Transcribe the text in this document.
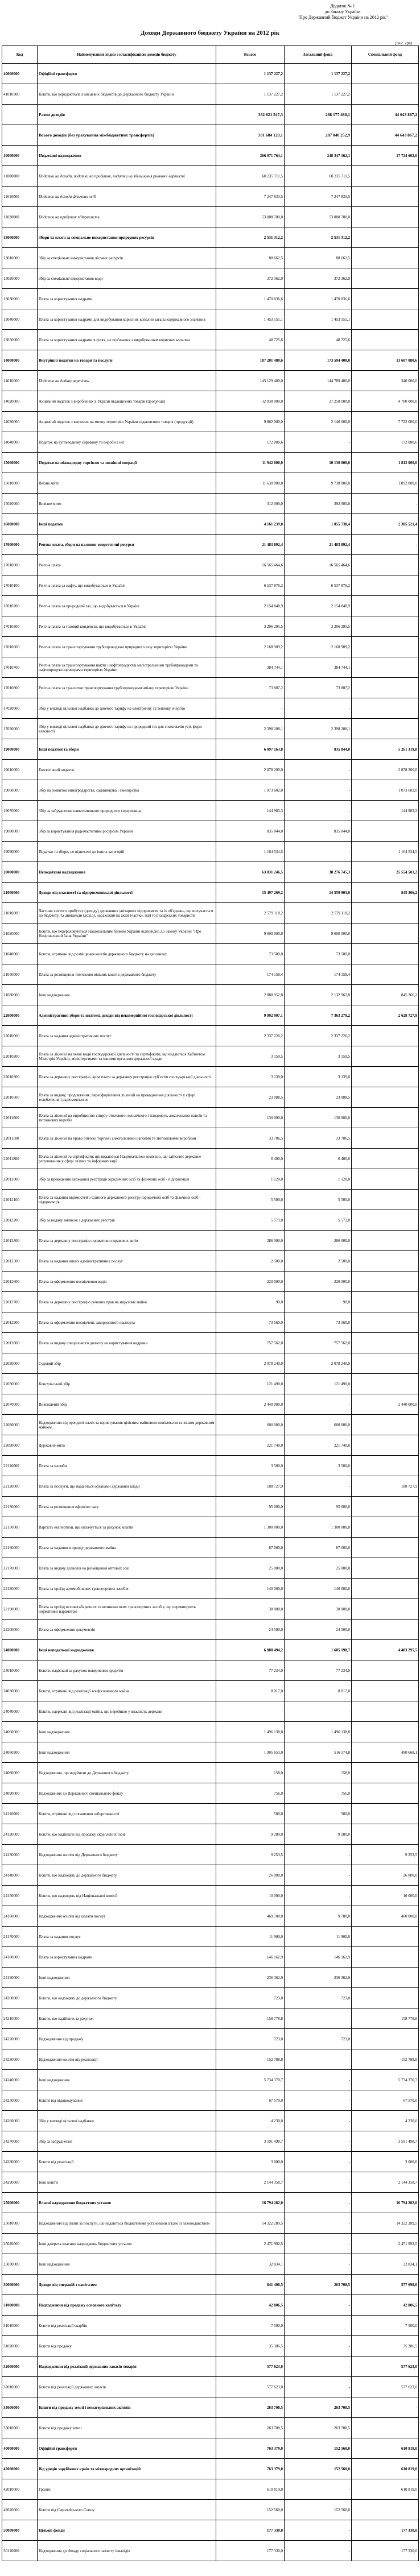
Додаток № 1
до Закону України
"Про Державний бюджет України на 2012 рік"
Доходи Державного бюджету України на 2012 рік
(тис. грн)
Код	Найменування згідно з класифікацією доходів бюджету	Всього	Загальний фонд	Спеціальний фонд
40000000	Офіційні трансферти	1 137 227,2	1 137 227,2	
41010300	Кошти, що передаються із місцевих бюджетів до Державного бюджету України	1 137 227,2	1 137 227,2	
	Разом доходів	332 821 547,3	288 177 480,1	44 643 867,2
	Всього доходів (без урахування міжбюджетних трансфертів)	331 684 120,1	287 040 252,9	44 643 867,2
10000000	Податкові надходження	266 071 764,1	248 347 162,1	17 724 602,0
11000000	Податки на доходи, податки на прибуток, податки на збільшення ринкової вартості	60 235 711,5	60 235 711,5	
11010000	Податок на доходи фізичних осіб	7 247 833,5	7 247 833,5	
11020000	Податок на прибуток підприємств	53 008 700,0	53 008 700,0	
13000000	Збори та плата за спеціальне використання природних ресурсів	2 531 312,2	2 531 312,2	
13010000	Збір за спеціальне використання лісових ресурсів	88 662,5	88 662,5	
13020000	Збір за спеціальне використання води	372 362,9	372 362,9	
13030000	Плата за користування надрами	1 470 836,6	1 470 836,6	
13040000	Плата за користування надрами для видобування корисних копалин загальнодержавного значення	1 453 151,1	1 453 151,1	
13050000	Плата за користування надрами в цілях, не пов'язаних з видобуванням корисних копалин	48 725,6	48 725,6	
14000000	Внутрішні податки на товари та послуги	187 201 480,6	173 594 400,0	13 607 080,6
14010000	Податок на додану вартість	145 129 400,0	144 789 400,0	340 000,0
14020000	Акцизний податок з вироблених в Україні підакцизних товарів (продукції)	32 038 000,0	27 258 000,0	4 780 000,0
14030000	Акцизний податок з ввезених на митну територію України підакцизних товарів (продукції)	9 862 000,0	2 140 000,0	7 722 000,0
14040000	Податок на вуглеводневу сировину та вироби з неї	172 080,6	-	172 080,6
15000000	Податки на міжнародну торгівлю та зовнішні операції	11 942 000,0	10 130 000,0	1 812 000,0
15010000	Ввізне мито	11 630 000,0	9 738 000,0	1 892 000,0
15020000	Вивізне мито	312 000,0	392 000,0	-
16000000	Інші податки	4 161 239,8	1 855 738,4	2 305 521,4
17000000	Рентна плата, збори на паливно-енергетичні ресурси	21 483 892,4	21 483 892,4	-
17010000	Рентна плата	16 565 464,6	16 565 464,6	
17010100	Рентна плата за нафту, що видобувається в Україні	6 537 876,2	6 537 876,2	
17010200	Рентна плата за природний газ, що видобувається в Україні	2 154 848,9	2 154 848,9	
17010300	Рентна плата за газовий конденсат, що видобувається в Україні	3 206 295,5	3 206 295,5	
17010600	Рентна плата за транспортування трубопроводами природного газу територією України	2 168 909,2	2 168 909,2	
17010700	Рентна плата за транспортування нафти і нафтопродуктів магістральними трубопроводами та нафтопродуктопроводами територією України	384 744,1	384 744,1	
17010800	Рентна плата за транзитне транспортування трубопроводами аміаку територією України	73 807,2	73 807,2	
17020000	Збір у вигляді цільової надбавки до діючого тарифу на електричну та теплову енергію	-	-	
17030000	Збір у вигляді цільової надбавки до діючого тарифу на природний газ для споживачів усіх форм власності	2 398 208,1	2 398 208,1	
19000000	Інші податки та збори	6 097 163,8	835 844,0	5 261 319,8
19010000	Екологічний податок	2 878 200,0	-	2 878 200,0
19060000	Збір на розвиток виноградарства, садівництва і хмелярства	1 073 602,0	-	1 073 602,0
19070000	Збір за забруднення навколишнього природного середовища	144 983,3	-	144 983,3
19080000	Збір за користування радіочастотним ресурсом України	835 844,0	835 844,0	
19090000	Податки та збори, не віднесені до інших категорій	1 164 534,5	-	1 164 534,5
20000000	Неподаткові надходження	63 831 246,5	38 276 745,3	25 554 501,2
21000000	Доходи від власності та підприємницької діяльності	15 497 269,2	14 559 903,0	845 366,2
21010000	Частина чистого прибутку (доходу) державних унітарних підприємств та їх об'єднань, що вилучається до бюджету, та дивіденди (дохід), нараховані на акції (частки, паї) господарських товариств	2 579 118,2	2 579 118,2	
21020000	Кошти, що перераховуються Національним банком України відповідно до Закону України "Про Національний банк України"	9 600 000,0	9 600 000,0	
21040000	Кошти, отримані від розміщення коштів державного бюджету на депозитах	73 500,0	73 500,0	
21050000	Плата за розміщення тимчасово вільних коштів державного бюджету	174 158,4	174 158,4	
21080000	Інші надходження	2 880 952,8	2 132 962,8	845 366,2
22000000	Адміністративні збори та платежі, доходи від некомерційної господарської діяльності	9 992 007,1	7 363 279,2	2 628 727,9
22010000	Плата за надання адміністративних послуг	2 337 226,2	2 337 226,2	
22010200	Плата за ліцензії на певні види господарської діяльності та сертифікати, що видаються Кабінетом Міністрів України, міністерствами та іншими органами державної влади	3 159,5	3 159,5	
22010300	Плата за державну реєстрацію, крім плати за державну реєстрацію суб'єктів господарської діяльності	3 139,0	3 139,0	
22010500	Плата за видачу, продовження, переоформлення ліцензій на провадження діяльності у сфері телебачення і радіомовлення	23 088,5	23 088,5	
22011000	Плата за ліцензії на виробництво спирту етилового, коньячного і плодового, алкогольних напоїв та тютюнових виробів	130 000,0	130 000,0	
22011100	Плата за ліцензії на право оптової торгівлі алкогольними напоями та тютюновими виробами	33 706,5	33 706,5	
22011800	Плата за ліцензії та сертифікати, що видаються Національною комісією, що здійснює державне регулювання у сфері зв'язку та інформатизації	6 400,0	6 400,0	
22012000	Збір за проведення державної реєстрації юридичних осіб та фізичних осіб - підприємців	1 120,0	1 120,0	
22012100	Плата за надання відомостей з Єдиного державного реєстру юридичних осіб та фізичних осіб - підприємців	5 500,0	5 500,0	
22012200	Збір за видачу виписок з державних реєстрів	5 573,0	5 573,0	
22012300	Плата за державну реєстрацію нормативно-правових актів	286 000,0	286 000,0	
22012500	Плата за надання інших адміністративних послуг	2 500,0	2 500,0	
22012600	Плата за оформлення посвідчення водія	220 000,0	220 000,0	
22012700	Плата за державну реєстрацію речових прав на нерухоме майно	90,0	90,0	
22012900	Плата за оформлення посвідчень закордонного паспорта	73 560,0	73 560,0	
22013000	Плата за видачу спеціального дозволу на користування надрами	757 562,0	757 562,0	
22020000	Судовий збір	2 078 240,0	2 078 240,0	
22030000	Консульський збір	121 490,0	121 490,0	
22070000	Виконавчий збір	2 440 000,0	-	2 440 000,0
22080000	Надходження від орендної плати за користування цілісним майновим комплексом та іншим державним майном	600 000,0	600 000,0	
22090000	Державне мито	221 740,0	221 740,0	
22110000	Плата за пломби	3 500,0	3 500,0	
22120000	Плата за послуги, що надаються органами державної влади	188 727,9	-	188 727,9
22130000	Плата за розміщення ефірного часу	95 000,0	95 000,0	
22150000	Вартість експертизи, що оплачується за рахунок коштів	1 300 000,0	1 300 000,0	
22160000	Плата за надання в оренду державного майна	87 000,0	87 000,0	
22170000	Плата за видачу дозволів на розміщення оптових зон	25 000,0	25 000,0	
22180000	Плата за проїзд автомобільних транспортних засобів	140 000,0	140 000,0	
22190000	Плата за проїзд великогабаритних та великовагових транспортних засобів, що перевищують нормативні параметри	38 000,0	38 000,0	
22200000	Плата за оформлення документів	24 500,0	24 500,0	
24000000	Інші неподаткові надходження	6 088 494,2	1 605 198,7	4 483 295,5
24010000	Кошти, надіслані за рахунок повернення кредитів	77 234,0	77 234,0	
24030000	Кошти, отримані від реалізації конфіскованого майна	8 017,0	8 017,0	
24040000	Кошти, одержані від реалізації майна, що перейшло у власність держави	-	-	
24060000	Інші надходження	1 496 138,8	1 496 138,8	
24060300	Інші надходження	1 005 653,0	516 574,8	490 668,1
24080000	Надходження, що надійшли до Державного бюджету	158,0	158,0	
24090000	Надходження до Державного спеціального фонду	756,0	756,0	
24110000	Кошти, отримані від погашення заборгованості	500,0	500,0	
24120000	Кошти, що надійшли від продажу скраплених газів	9 280,0	9 280,0	
24130000	Надходження коштів від Державного бюджету	9 253,5	-	9 253,5
24140000	Кошти, що надходять до державного бюджету	26 000,0	-	26 000,0
24150000	Кошти, що надходять від Національної комісії	10 000,0	-	10 000,0
24160000	Надходження коштів від оплати послуг	469 700,0	9 700,0	460 000,0
24170000	Плата за надання послуг	11 900,0	11 900,0	
24180000	Плата за користування надрами	146 162,9	146 162,9	
24190000	Інші надходження	236 362,9	236 362,9	
24200000	Кошти, що надходять до державного бюджету	723,0	723,0	
24210000	Кошти, що надійшли за рахунок	158 778,8	-	158 778,8
24220000	Надходження від продажу	723,0	723,0	
24230000	Надходження коштів від реалізації	152 788,8	-	152 788,8
24240000	Інші надходження	5 734 370,7	-	5 734 370,7
24250000	Кошти від відшкодування	67 570,0	-	67 570,0
24260000	Збір у вигляді цільової надбавки	4 230,0	-	4 230,0
24270000	Збір за забруднення	3 591 498,7	-	3 591 498,7
24280000	Кошти від реалізації	3 000,0	-	3 000,0
24290000	Інші кошти	2 144 358,7	-	2 144 358,7
25000000	Власні надходження бюджетних установ	16 794 282,0	-	16 794 282,0
25010000	Надходження від плати за послуги, що надаються бюджетними установами згідно із законодавством	14 322 289,5	-	14 322 289,5
25020000	Інші джерела власних надходжень бюджетних установ	2 471 992,5	-	2 471 992,5
25030000	Інші надходження	32 834,1	-	32 834,1
30000000	Доходи від операцій з капіталом	841 406,5	263 708,5	577 698,0
31000000	Надходження від продажу основного капіталу	42 806,5	-	42 806,5
31010000	Кошти від реалізації скарбів	7 500,0	-	7 500,0
31020000	Кошти від продажу	35 306,5	-	35 306,5
32000000	Надходження від реалізації державних запасів товарів	577 623,0	-	577 623,0
32010000	Кошти від реалізації державних запасів	577 623,0	-	577 623,0
33000000	Кошти від продажу землі і нематеріальних активів	263 708,5	263 708,5	-
33010000	Кошти від продажу землі	263 708,5	263 708,5	
40000000	Офіційні трансферти	763 379,0	152 560,0	610 819,0
42000000	Від урядів зарубіжних країн та міжнародних організацій	763 379,0	152 560,0	610 819,0
42010000	Гранти	610 819,0	-	610 819,0
42020000	Кошти від Європейського Союзу	152 560,0	152 560,0	
50000000	Цільові фонди	177 330,0	-	177 330,0
50110000	Надходження до Фонду соціального захисту інвалідів	177 330,0	-	177 330,0
